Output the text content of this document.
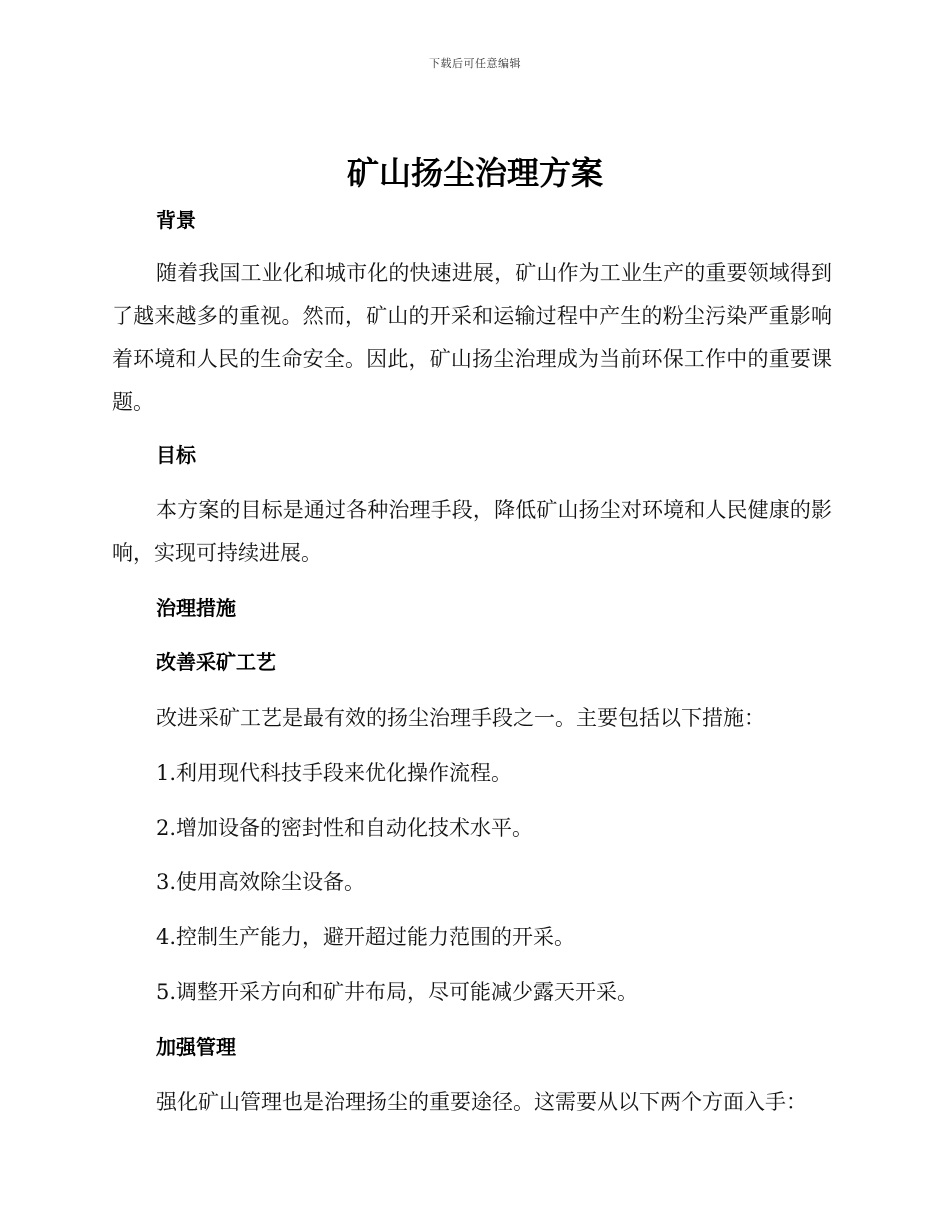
下载后可任意编辑
矿山扬尘治理方案
背景

随着我国工业化和城市化的快速进展，矿山作为工业生产的重要领域得到了越来越多的重视。然而，矿山的开采和运输过程中产生的粉尘污染严重影响着环境和人民的生命安全。因此，矿山扬尘治理成为当前环保工作中的重要课题。

目标

本方案的目标是通过各种治理手段，降低矿山扬尘对环境和人民健康的影响，实现可持续进展。

治理措施
改善采矿工艺

改进采矿工艺是最有效的扬尘治理手段之一。主要包括以下措施：

1.利用现代科技手段来优化操作流程。

2.增加设备的密封性和自动化技术水平。

3.使用高效除尘设备。

4.控制生产能力，避开超过能力范围的开采。

5.调整开采方向和矿井布局，尽可能减少露天开采。

加强管理

强化矿山管理也是治理扬尘的重要途径。这需要从以下两个方面入手：
